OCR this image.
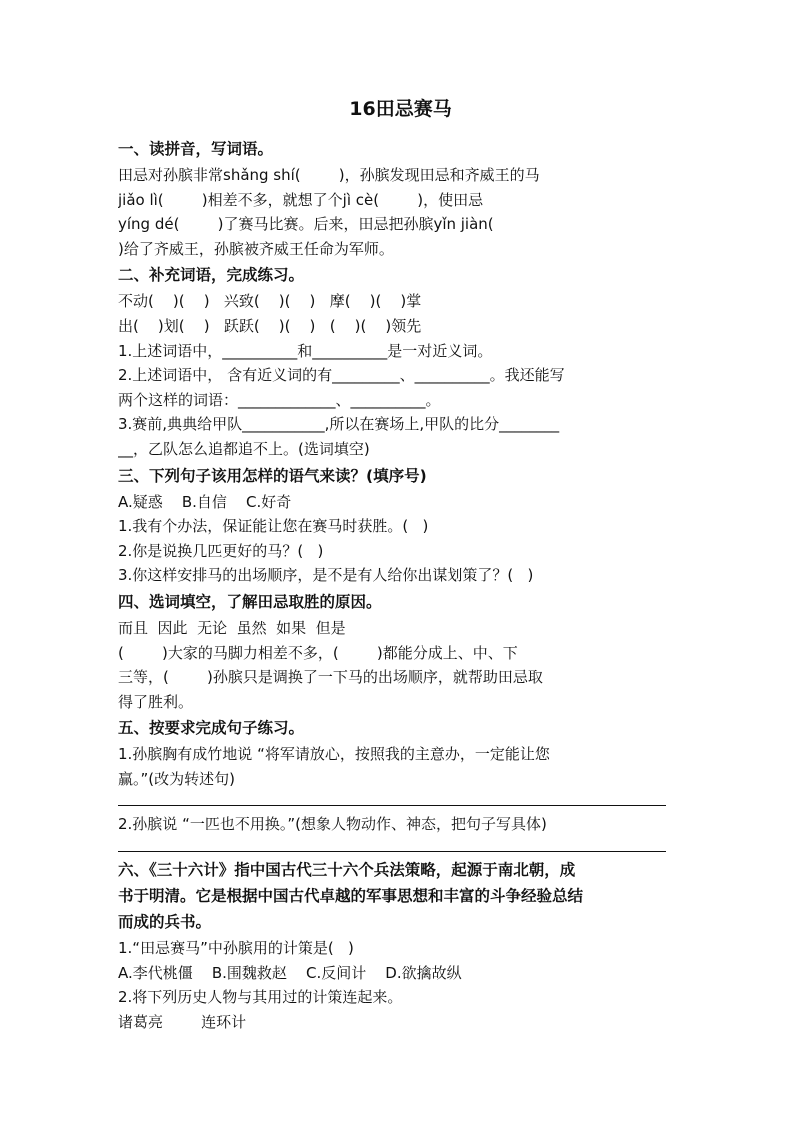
16田忌赛马
一、读拼音，写词语。
田忌对孙膑非常shǎng shí(        )，孙膑发现田忌和齐威王的马
jiǎo lì(        )相差不多，就想了个jì cè(        )，使田忌
yíng dé(        )了赛马比赛。后来，田忌把孙膑yǐn jiàn(
)给了齐威王，孙膑被齐威王任命为军师。
二、补充词语，完成练习。
不动(    )(    )   兴致(    )(    )   摩(    )(    )掌
出(    )划(    )   跃跃(    )(    )   (    )(    )领先
1.上述词语中，__________和__________是一对近义词。
2.上述词语中， 含有近义词的有_________、__________。我还能写
两个这样的词语：_____________、__________。
3.赛前,典典给甲队___________,所以在赛场上,甲队的比分________
__，乙队怎么追都追不上。(选词填空)
三、下列句子该用怎样的语气来读？(填序号)
A.疑惑    B.自信    C.好奇
1.我有个办法，保证能让您在赛马时获胜。(   )
2.你是说换几匹更好的马？(   )
3.你这样安排马的出场顺序，是不是有人给你出谋划策了？(   )
四、选词填空，了解田忌取胜的原因。
而且  因此  无论  虽然  如果  但是
(        )大家的马脚力相差不多，(        )都能分成上、中、下
三等，(        )孙膑只是调换了一下马的出场顺序，就帮助田忌取
得了胜利。
五、按要求完成句子练习。
1.孙膑胸有成竹地说 “将军请放心，按照我的主意办，一定能让您
赢。”(改为转述句)
2.孙膑说 “一匹也不用换。”(想象人物动作、神态，把句子写具体)
六、《三十六计》指中国古代三十六个兵法策略，起源于南北朝，成
书于明清。它是根据中国古代卓越的军事思想和丰富的斗争经验总结
而成的兵书。
1.“田忌赛马”中孙膑用的计策是(   )
A.李代桃僵    B.围魏救赵    C.反间计    D.欲擒故纵
2.将下列历史人物与其用过的计策连起来。
诸葛亮        连环计
